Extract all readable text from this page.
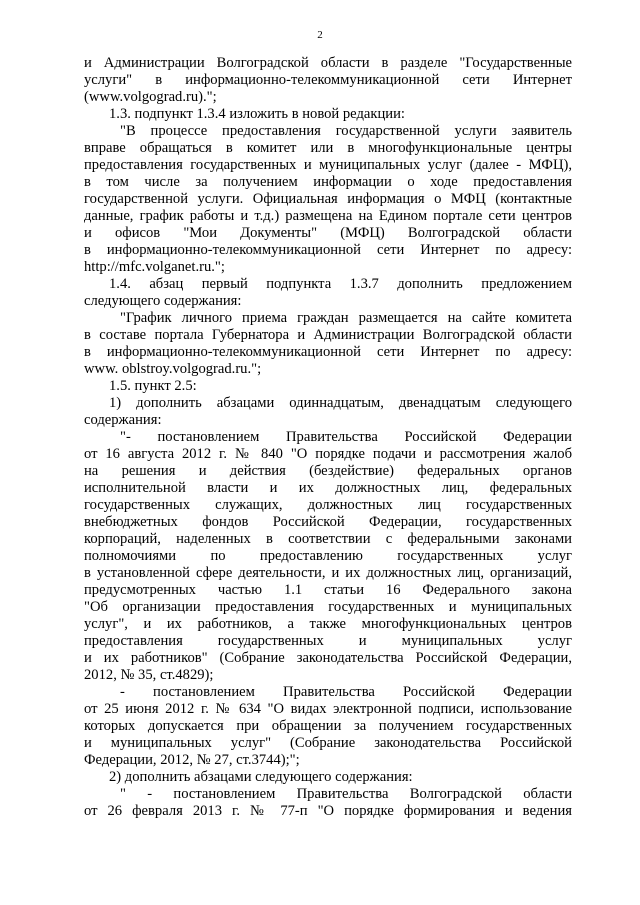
2
и Администрации Волгоградской области в разделе "Государственные
услуги" в информационно-телекоммуникационной сети Интернет
(www.volgograd.ru).";
1.3. подпункт 1.3.4 изложить в новой редакции:
"В процессе предоставления государственной услуги заявитель
вправе обращаться в комитет или в многофункциональные центры
предоставления государственных и муниципальных услуг (далее - МФЦ),
в том числе за получением информации о ходе предоставления
государственной услуги. Официальная информация о МФЦ (контактные
данные, график работы и т.д.) размещена на Едином портале сети центров
и офисов "Мои Документы" (МФЦ) Волгоградской области
в информационно-телекоммуникационной сети Интернет по адресу:
http://mfc.volganet.ru.";
1.4. абзац первый подпункта 1.3.7 дополнить предложением
следующего содержания:
"График личного приема граждан размещается на сайте комитета
в составе портала Губернатора и Администрации Волгоградской области
в информационно-телекоммуникационной сети Интернет по адресу:
www. oblstroy.volgograd.ru.";
1.5. пункт 2.5:
1) дополнить абзацами одиннадцатым, двенадцатым следующего
содержания:
"- постановлением Правительства Российской Федерации
от 16 августа 2012 г. № 840 "О порядке подачи и рассмотрения жалоб
на решения и действия (бездействие) федеральных органов
исполнительной власти и их должностных лиц, федеральных
государственных служащих, должностных лиц государственных
внебюджетных фондов Российской Федерации, государственных
корпораций, наделенных в соответствии с федеральными законами
полномочиями по предоставлению государственных услуг
в установленной сфере деятельности, и их должностных лиц, организаций,
предусмотренных частью 1.1 статьи 16 Федерального закона
"Об организации предоставления государственных и муниципальных
услуг", и их работников, а также многофункциональных центров
предоставления государственных и муниципальных услуг
и их работников" (Собрание законодательства Российской Федерации,
2012, № 35, ст.4829);
- постановлением Правительства Российской Федерации
от 25 июня 2012 г. № 634 "О видах электронной подписи, использование
которых допускается при обращении за получением государственных
и муниципальных услуг" (Собрание законодательства Российской
Федерации, 2012, № 27, ст.3744);";
2) дополнить абзацами следующего содержания:
" - постановлением Правительства Волгоградской области
от 26 февраля 2013 г. № 77-п "О порядке формирования и ведения
